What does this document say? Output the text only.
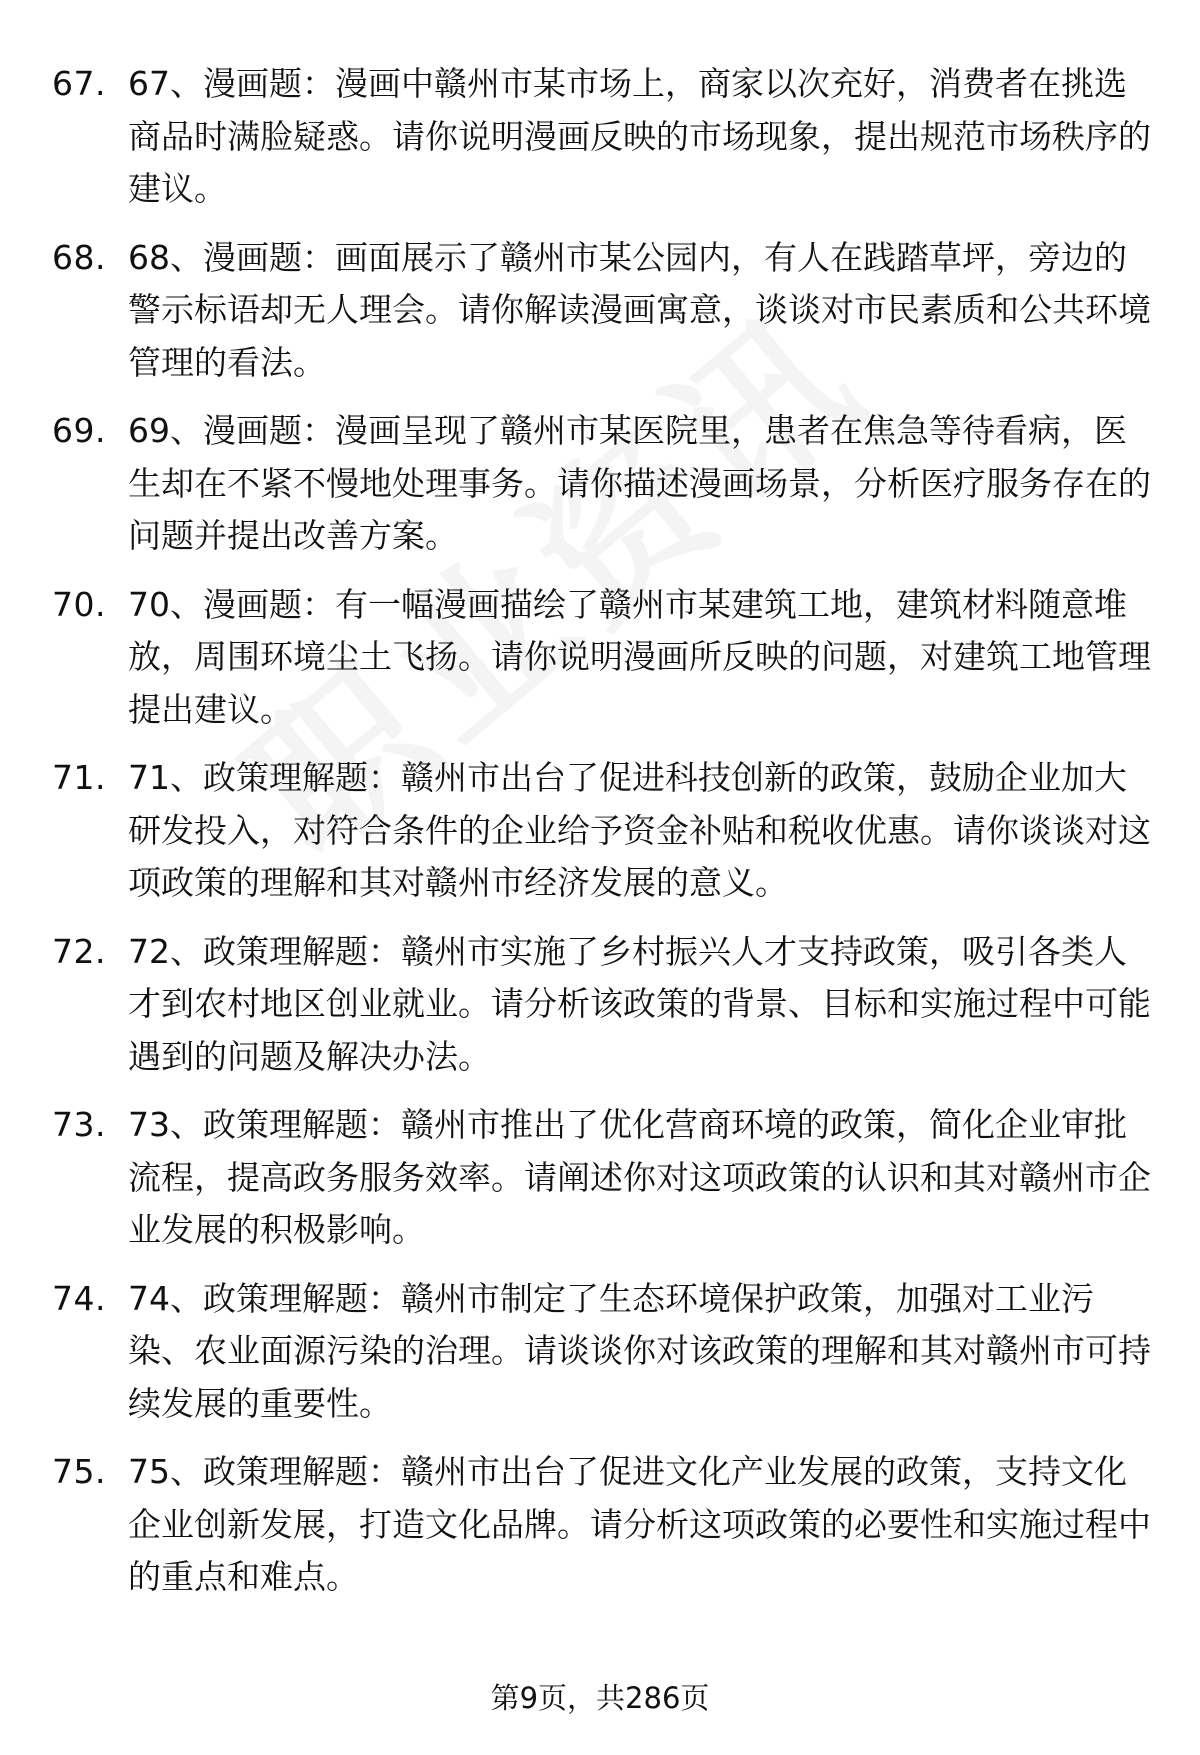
67. 67、漫画题：漫画中赣州市某市场上，商家以次充好，消费者在挑选商品时满脸疑惑。请你说明漫画反映的市场现象，提出规范市场秩序的建议。
68. 68、漫画题：画面展示了赣州市某公园内，有人在践踏草坪，旁边的警示标语却无人理会。请你解读漫画寓意，谈谈对市民素质和公共环境管理的看法。
69. 69、漫画题：漫画呈现了赣州市某医院里，患者在焦急等待看病，医生却在不紧不慢地处理事务。请你描述漫画场景，分析医疗服务存在的问题并提出改善方案。
70. 70、漫画题：有一幅漫画描绘了赣州市某建筑工地，建筑材料随意堆放，周围环境尘土飞扬。请你说明漫画所反映的问题，对建筑工地管理提出建议。
71. 71、政策理解题：赣州市出台了促进科技创新的政策，鼓励企业加大研发投入，对符合条件的企业给予资金补贴和税收优惠。请你谈谈对这项政策的理解和其对赣州市经济发展的意义。
72. 72、政策理解题：赣州市实施了乡村振兴人才支持政策，吸引各类人才到农村地区创业就业。请分析该政策的背景、目标和实施过程中可能遇到的问题及解决办法。
73. 73、政策理解题：赣州市推出了优化营商环境的政策，简化企业审批流程，提高政务服务效率。请阐述你对这项政策的认识和其对赣州市企业发展的积极影响。
74. 74、政策理解题：赣州市制定了生态环境保护政策，加强对工业污染、农业面源污染的治理。请谈谈你对该政策的理解和其对赣州市可持续发展的重要性。
75. 75、政策理解题：赣州市出台了促进文化产业发展的政策，支持文化企业创新发展，打造文化品牌。请分析这项政策的必要性和实施过程中的重点和难点。
第9页，共286页
